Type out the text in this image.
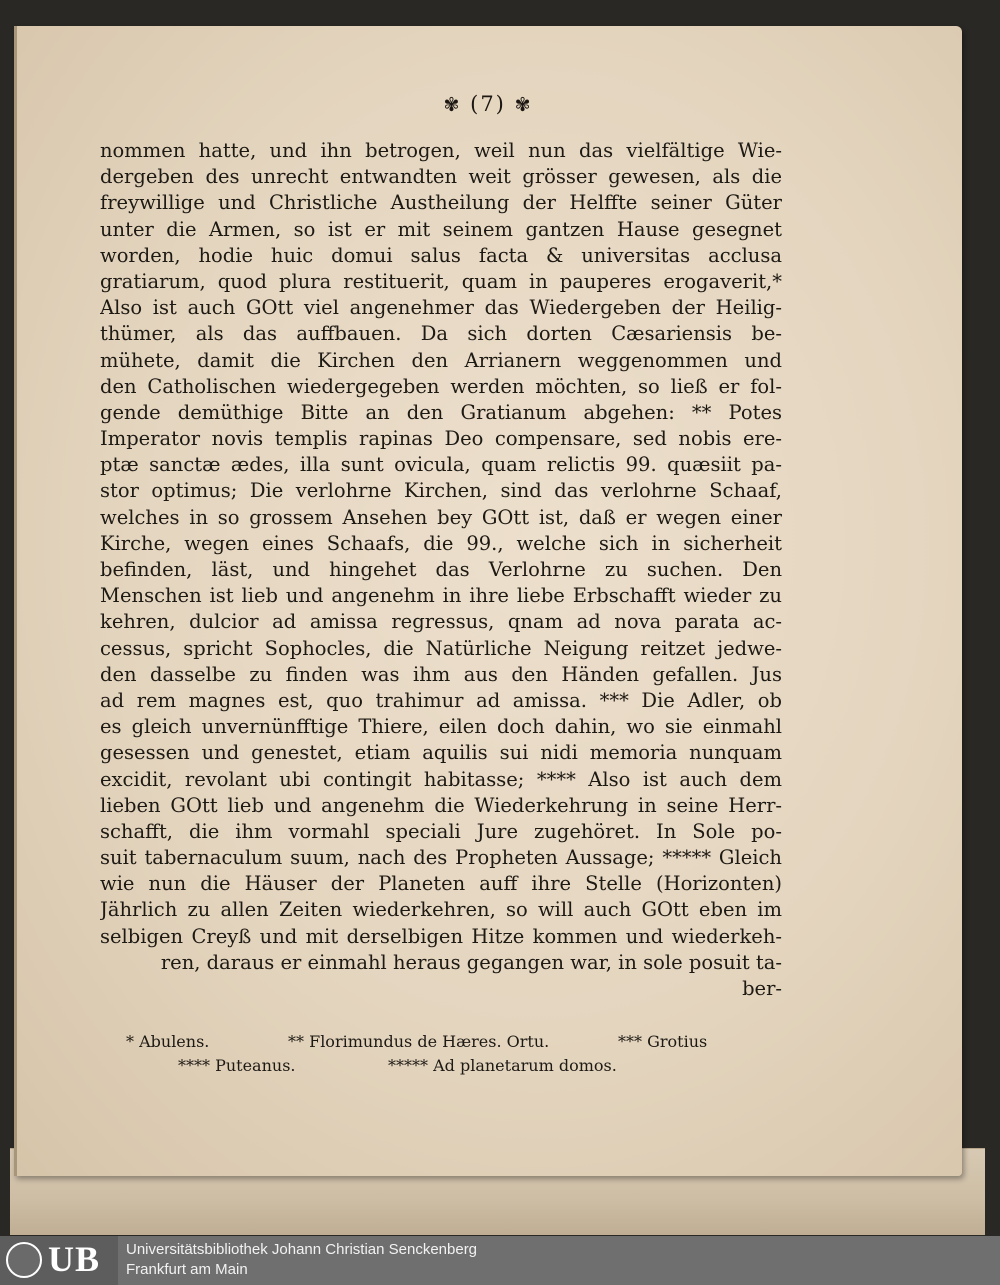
✾ (7) ✾
nommen hatte, und ihn betrogen, weil nun das vielfältige Wie-
dergeben des unrecht entwandten weit grösser gewesen, als die
freywillige und Christliche Austheilung der Helffte seiner Güter
unter die Armen, so ist er mit seinem gantzen Hause gesegnet
worden, hodie huic domui salus facta & universitas acclusa
gratiarum, quod plura restituerit, quam in pauperes erogaverit,*
Also ist auch GOtt viel angenehmer das Wiedergeben der Heilig-
thümer, als das auffbauen. Da sich dorten Cæsariensis be-
mühete, damit die Kirchen den Arrianern weggenommen und
den Catholischen wiedergegeben werden möchten, so ließ er fol-
gende demüthige Bitte an den Gratianum abgehen: ** Potes
Imperator novis templis rapinas Deo compensare, sed nobis ere-
ptæ sanctæ ædes, illa sunt ovicula, quam relictis 99. quæsiit pa-
stor optimus; Die verlohrne Kirchen, sind das verlohrne Schaaf,
welches in so grossem Ansehen bey GOtt ist, daß er wegen einer
Kirche, wegen eines Schaafs, die 99., welche sich in sicherheit
befinden, läst, und hingehet das Verlohrne zu suchen. Den
Menschen ist lieb und angenehm in ihre liebe Erbschafft wieder zu
kehren, dulcior ad amissa regressus, qnam ad nova parata ac-
cessus, spricht Sophocles, die Natürliche Neigung reitzet jedwe-
den dasselbe zu finden was ihm aus den Händen gefallen. Jus
ad rem magnes est, quo trahimur ad amissa. *** Die Adler, ob
es gleich unvernünfftige Thiere, eilen doch dahin, wo sie einmahl
gesessen und genestet, etiam aquilis sui nidi memoria nunquam
excidit, revolant ubi contingit habitasse; **** Also ist auch dem
lieben GOtt lieb und angenehm die Wiederkehrung in seine Herr-
schafft, die ihm vormahl speciali Jure zugehöret. In Sole po-
suit tabernaculum suum, nach des Propheten Aussage; ***** Gleich
wie nun die Häuser der Planeten auff ihre Stelle (Horizonten)
Jährlich zu allen Zeiten wiederkehren, so will auch GOtt eben im
selbigen Creyß und mit derselbigen Hitze kommen und wiederkeh-
ren, daraus er einmahl heraus gegangen war, in sole posuit ta-
ber-
* Abulens.	** Florimundus de Hæres. Ortu.	*** Grotius
**** Puteanus.	***** Ad planetarum domos.
UB Universitätsbibliothek Johann Christian Senckenberg
Frankfurt am Main
